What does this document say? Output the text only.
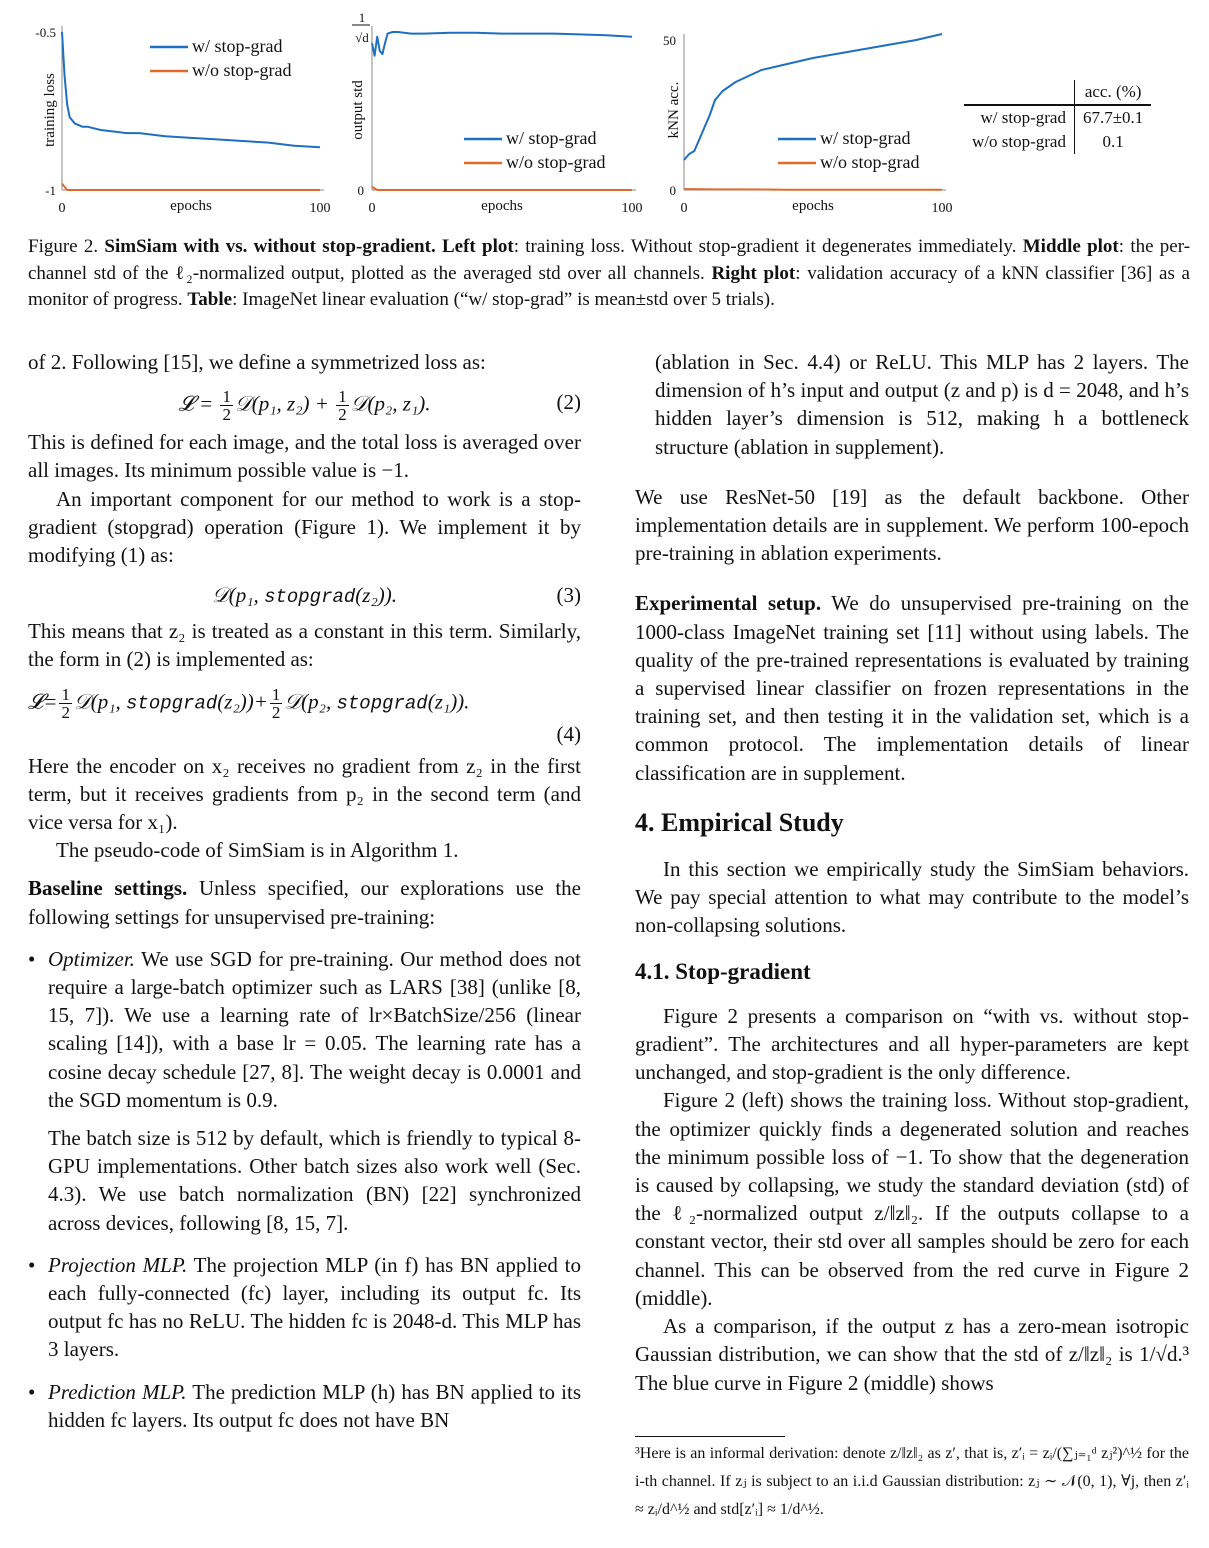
0	100
epochs
-0.5
-1
training loss
w/ stop-grad
w/o stop-grad
0	100
epochs
1
√d
0
output std	w/ stop-grad
w/o stop-grad
0	100
epochs
50
0
kNN acc.	w/ stop-grad
w/o stop-grad
	acc. (%)
w/ stop-grad	67.7±0.1
w/o stop-grad	0.1
Figure 2. SimSiam with vs. without stop-gradient. Left plot: training loss. Without stop-gradient it degenerates immediately. Middle plot: the per-channel std of the ℓ₂-normalized output, plotted as the averaged std over all channels. Right plot: validation accuracy of a kNN classifier [36] as a monitor of progress. Table: ImageNet linear evaluation (“w/ stop-grad” is mean±std over 5 trials).

of 2. Following [15], we define a symmetrized loss as:

𝓛 = $\frac{1}{2}$ 𝒟(p₁, $z_2) + \frac{1}{2}$ 𝒟(p₂, z₁).	(2)

This is defined for each image, and the total loss is averaged over all images. Its minimum possible value is −1.

An important component for our method to work is a stop-gradient (stopgrad) operation (Figure 1). We implement it by modifying (1) as:

𝒟(p₁, stopgrad(z₂)).	(3)

This means that z₂ is treated as a constant in this term. Similarly, the form in (2) is implemented as:

𝓛= $\frac{1}{2}$ 𝒟(p₁, stopgrad(z₂))+ $\frac{1}{2}$ 𝒟(p₂, stopgrad(z₁)).
(4)

Here the encoder on x₂ receives no gradient from z₂ in the first term, but it receives gradients from p₂ in the second term (and vice versa for x₁).

The pseudo-code of SimSiam is in Algorithm 1.

Baseline settings. Unless specified, our explorations use the following settings for unsupervised pre-training:

• Optimizer. We use SGD for pre-training. Our method does not require a large-batch optimizer such as LARS [38] (unlike [8, 15, 7]). We use a learning rate of lr×BatchSize/256 (linear scaling [14]), with a base lr = 0.05. The learning rate has a cosine decay schedule [27, 8]. The weight decay is 0.0001 and the SGD momentum is 0.9.
The batch size is 512 by default, which is friendly to typical 8-GPU implementations. Other batch sizes also work well (Sec. 4.3). We use batch normalization (BN) [22] synchronized across devices, following [8, 15, 7].
• Projection MLP. The projection MLP (in f) has BN applied to each fully-connected (fc) layer, including its output fc. Its output fc has no ReLU. The hidden fc is 2048-d. This MLP has 3 layers.
• Prediction MLP. The prediction MLP (h) has BN applied to its hidden fc layers. Its output fc does not have BN

(ablation in Sec. 4.4) or ReLU. This MLP has 2 layers. The dimension of h’s input and output (z and p) is d = 2048, and h’s hidden layer’s dimension is 512, making h a bottleneck structure (ablation in supplement).

We use ResNet-50 [19] as the default backbone. Other implementation details are in supplement. We perform 100-epoch pre-training in ablation experiments.

Experimental setup. We do unsupervised pre-training on the 1000-class ImageNet training set [11] without using labels. The quality of the pre-trained representations is evaluated by training a supervised linear classifier on frozen representations in the training set, and then testing it in the validation set, which is a common protocol. The implementation details of linear classification are in supplement.

4. Empirical Study

In this section we empirically study the SimSiam behaviors. We pay special attention to what may contribute to the model’s non-collapsing solutions.

4.1. Stop-gradient

Figure 2 presents a comparison on “with vs. without stop-gradient”. The architectures and all hyper-parameters are kept unchanged, and stop-gradient is the only difference.

Figure 2 (left) shows the training loss. Without stop-gradient, the optimizer quickly finds a degenerated solution and reaches the minimum possible loss of −1. To show that the degeneration is caused by collapsing, we study the standard deviation (std) of the ℓ₂-normalized output z/‖z‖₂. If the outputs collapse to a constant vector, their std over all samples should be zero for each channel. This can be observed from the red curve in Figure 2 (middle).

As a comparison, if the output z has a zero-mean isotropic Gaussian distribution, we can show that the std of z/‖z‖₂ is 1/√d.³ The blue curve in Figure 2 (middle) shows

³Here is an informal derivation: denote z/‖z‖₂ as z′, that is, z′ᵢ = zᵢ/(∑ⱼ₌₁ᵈ zⱼ²)^½ for the i-th channel. If zⱼ is subject to an i.i.d Gaussian distribution: zⱼ ∼ 𝒩(0, 1), ∀j, then z′ᵢ ≈ zᵢ/d^½ and std[z′ᵢ] ≈ 1/d^½.
